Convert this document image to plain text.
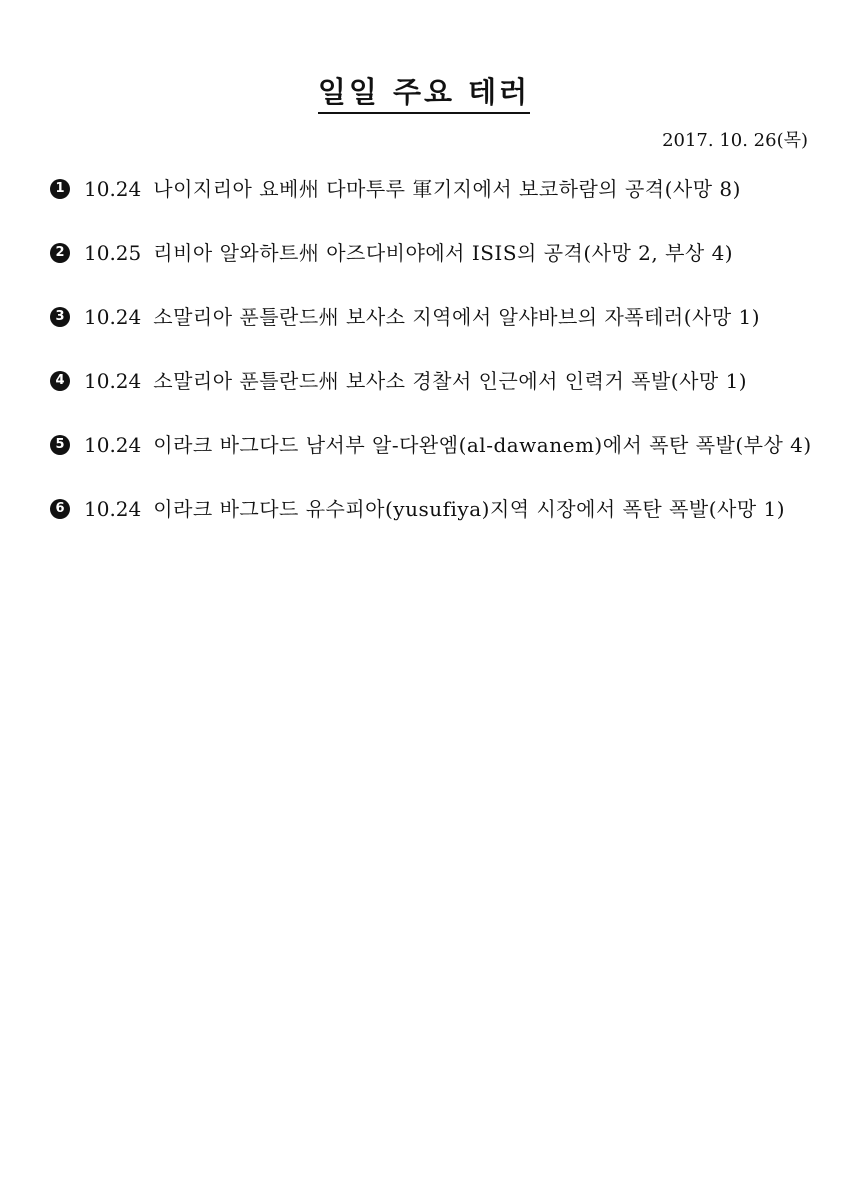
일일 주요 테러
2017. 10. 26(목)
1 10.24 나이지리아 요베州 다마투루 軍기지에서 보코하람의 공격(사망 8)
2 10.25 리비아 알와하트州 아즈다비야에서 ISIS의 공격(사망 2, 부상 4)
3 10.24 소말리아 푼틀란드州 보사소 지역에서 알샤바브의 자폭테러(사망 1)
4 10.24 소말리아 푼틀란드州 보사소 경찰서 인근에서 인력거 폭발(사망 1)
5 10.24 이라크 바그다드 남서부 알-다완엠(al-dawanem)에서 폭탄 폭발(부상 4)
6 10.24 이라크 바그다드 유수피아(yusufiya)지역 시장에서 폭탄 폭발(사망 1)
